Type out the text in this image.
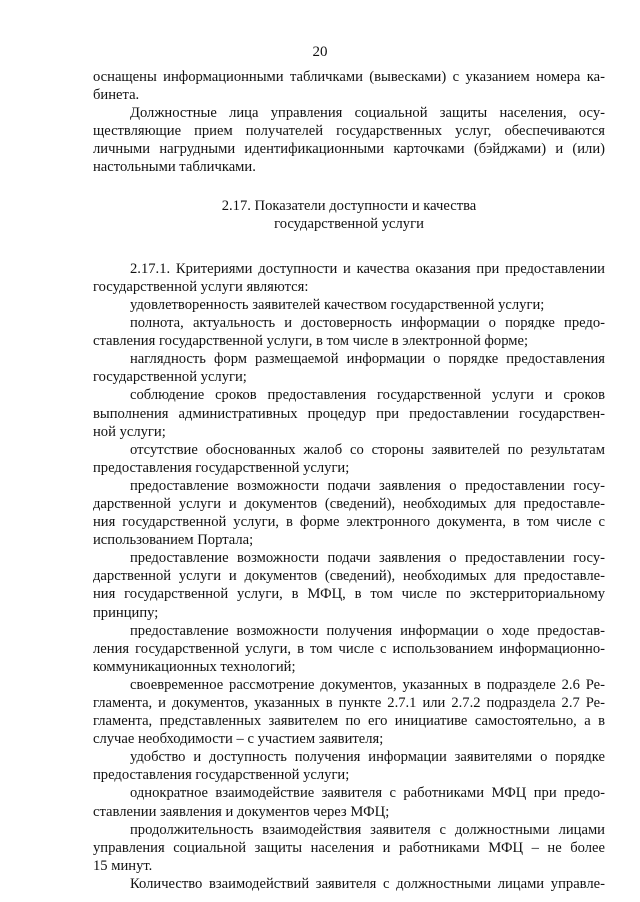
20
оснащены информационными табличками (вывесками) с указанием номера ка-
бинета.
Должностные лица управления социальной защиты населения, осу-
ществляющие прием получателей государственных услуг, обеспечиваются
личными нагрудными идентификационными карточками (бэйджами) и (или)
настольными табличками.
2.17. Показатели доступности и качества
государственной услуги
2.17.1. Критериями доступности и качества оказания при предоставлении
государственной услуги являются:
удовлетворенность заявителей качеством государственной услуги;
полнота, актуальность и достоверность информации о порядке предо-
ставления государственной услуги, в том числе в электронной форме;
наглядность форм размещаемой информации о порядке предоставления
государственной услуги;
соблюдение сроков предоставления государственной услуги и сроков
выполнения административных процедур при предоставлении государствен-
ной услуги;
отсутствие обоснованных жалоб со стороны заявителей по результатам
предоставления государственной услуги;
предоставление возможности подачи заявления о предоставлении госу-
дарственной услуги и документов (сведений), необходимых для предоставле-
ния государственной услуги, в форме электронного документа, в том числе с
использованием Портала;
предоставление возможности подачи заявления о предоставлении госу-
дарственной услуги и документов (сведений), необходимых для предоставле-
ния государственной услуги, в МФЦ, в том числе по экстерриториальному
принципу;
предоставление возможности получения информации о ходе предостав-
ления государственной услуги, в том числе с использованием информационно-
коммуникационных технологий;
своевременное рассмотрение документов, указанных в подразделе 2.6 Ре-
гламента, и документов, указанных в пункте 2.7.1 или 2.7.2 подраздела 2.7 Ре-
гламента, представленных заявителем по его инициативе самостоятельно, а в
случае необходимости – с участием заявителя;
удобство и доступность получения информации заявителями о порядке
предоставления государственной услуги;
однократное взаимодействие заявителя с работниками МФЦ при предо-
ставлении заявления и документов через МФЦ;
продолжительность взаимодействия заявителя с должностными лицами
управления социальной защиты населения и работниками МФЦ – не более
15 минут.
Количество взаимодействий заявителя с должностными лицами управле-
